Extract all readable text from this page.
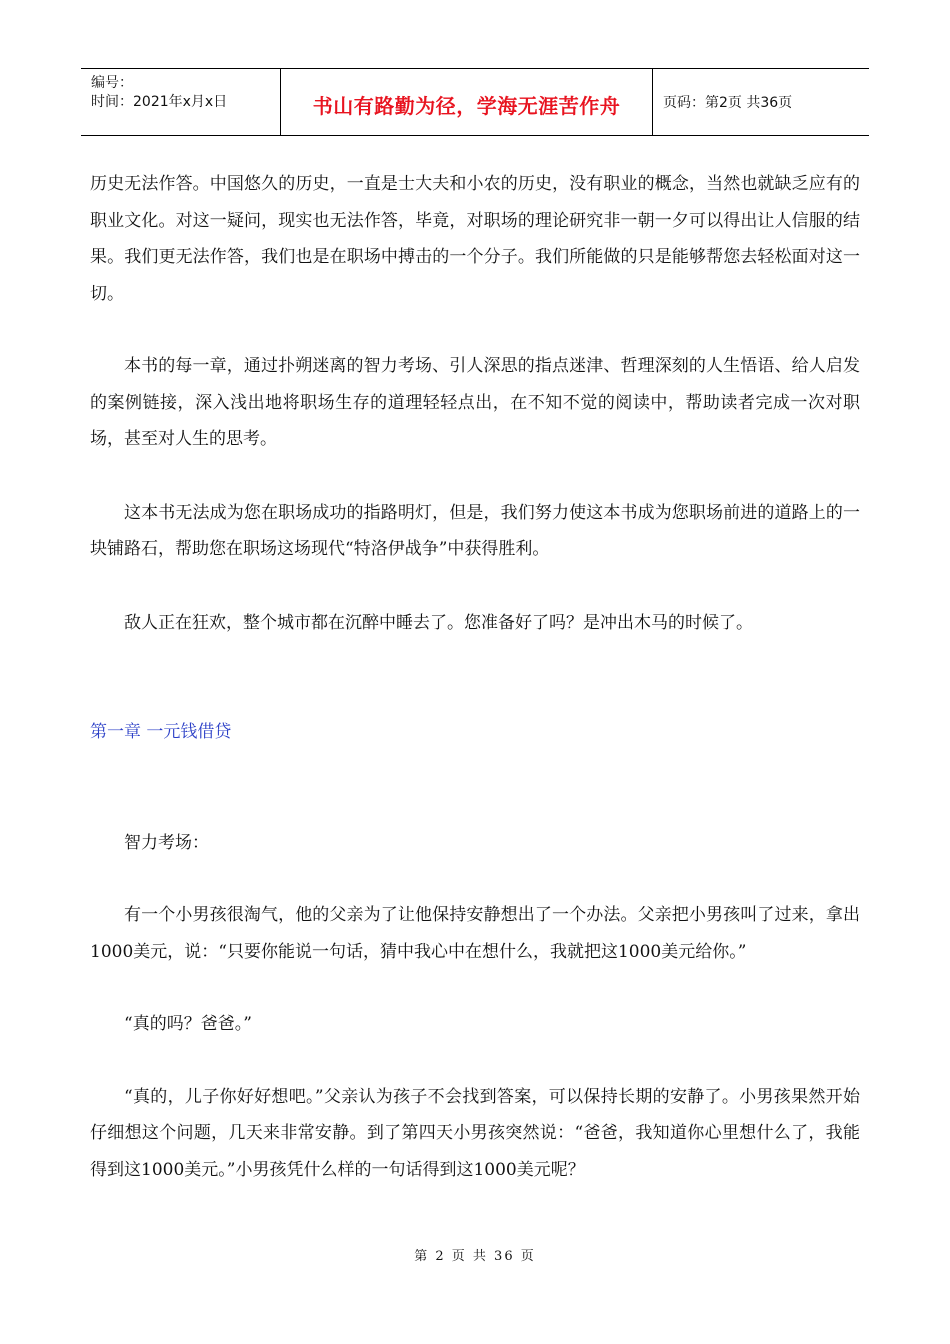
编号：
时间：2021年x月x日	书山有路勤为径，学海无涯苦作舟	页码：第2页 共36页

历史无法作答。中国悠久的历史，一直是士大夫和小农的历史，没有职业的概念，当然也就缺乏应有的职业文化。对这一疑问，现实也无法作答，毕竟，对职场的理论研究非一朝一夕可以得出让人信服的结果。我们更无法作答，我们也是在职场中搏击的一个分子。我们所能做的只是能够帮您去轻松面对这一切。

本书的每一章，通过扑朔迷离的智力考场、引人深思的指点迷津、哲理深刻的人生悟语、给人启发的案例链接，深入浅出地将职场生存的道理轻轻点出，在不知不觉的阅读中，帮助读者完成一次对职场，甚至对人生的思考。

这本书无法成为您在职场成功的指路明灯，但是，我们努力使这本书成为您职场前进的道路上的一块铺路石，帮助您在职场这场现代“特洛伊战争”中获得胜利。

敌人正在狂欢，整个城市都在沉醉中睡去了。您准备好了吗？是冲出木马的时候了。

第一章 一元钱借贷

智力考场：

有一个小男孩很淘气，他的父亲为了让他保持安静想出了一个办法。父亲把小男孩叫了过来，拿出1000美元，说：“只要你能说一句话，猜中我心中在想什么，我就把这1000美元给你。”

“真的吗？爸爸。”

“真的，儿子你好好想吧。”父亲认为孩子不会找到答案，可以保持长期的安静了。小男孩果然开始仔细想这个问题，几天来非常安静。到了第四天小男孩突然说：“爸爸，我知道你心里想什么了，我能得到这1000美元。”小男孩凭什么样的一句话得到这1000美元呢？

第 2 页 共 36 页
